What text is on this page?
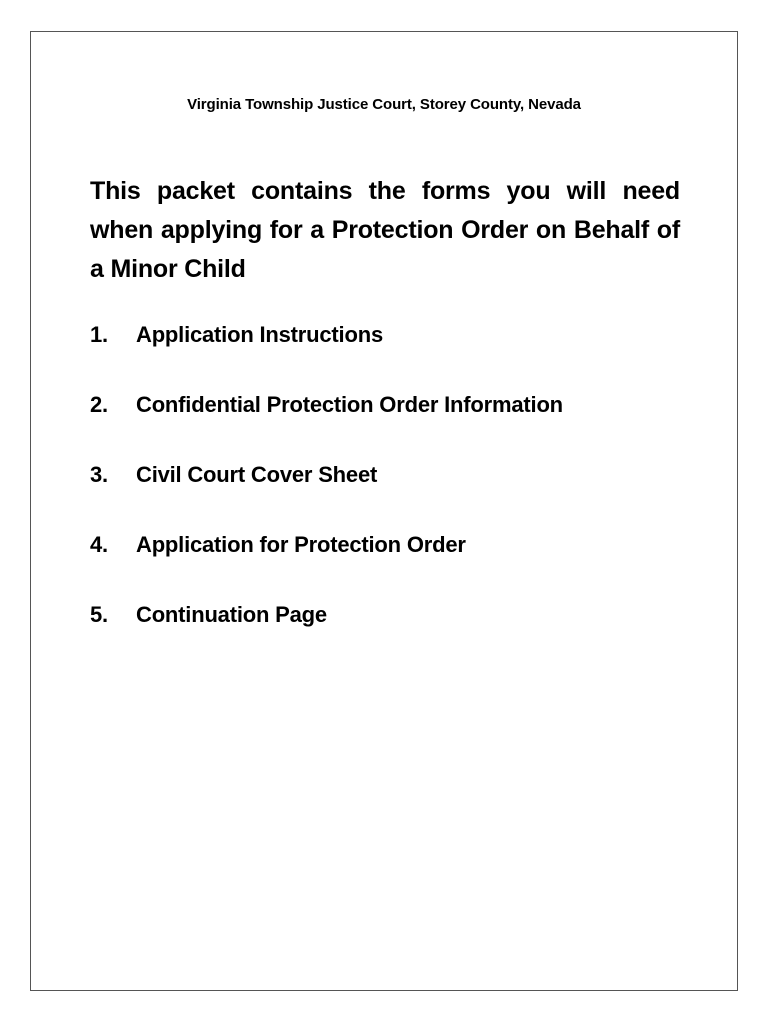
Virginia Township Justice Court, Storey County, Nevada

This packet contains the forms you will need when applying for a Protection Order on Behalf of a Minor Child

1.	Application Instructions
2.	Confidential Protection Order Information
3.	Civil Court Cover Sheet
4.	Application for Protection Order
5.	Continuation Page
